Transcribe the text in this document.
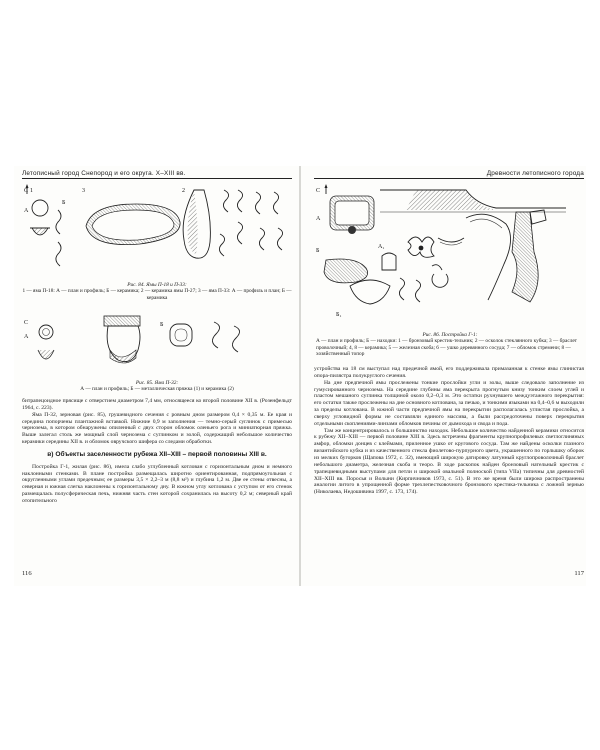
Летописный город Снепород и его округа. X–XIII вв.
С 1
А
Б
3	2
Рис. 84. Ямы П-18 и П-33:
1 — яма П-18: А — план и профиль; Б — керамика; 2 — керамика ямы П-27; 3 — яма П-33: А — профиль и план; Б — керамика
С
А
Б
Рис. 85. Яма П-32:
А — план и профиль; Б — металлическая пряжка (1) и керамика (2)

битрапецоидное прясище с отверстием диаметром 7,4 мм, относящееся ко второй половине XII в. (Розенфельдт 1964, с. 223).

Яма П-32, зерновая (рис. 85), грушевидного сечения с ровным дном размером 0,4 × 0,35 м. Ее края и середина попорчены плантажной вставкой. Нижние 0,9 м заполнения — темно-серый суглинок с примесью чернозема, в котором обнаружены опиленный с двух сторон обломок оленьего рога и миниатюрная пряжка. Выше залегал столь же мощный слой чернозема с суглинком и золой, содержащий небольшое количество керамики середины XII в. и обломок овручского шифера со следами обработки.

в) Объекты заселенности рубежа XII–XIII – первой половины XIII в.

Постройка Г-1, жилая (рис. 86), имела слабо углубленный котлован с горизонтальным дном и немного наклонными стенками. В плане постройка размещалась широтно ориентированная, подпрямоугольная с округленными углами предечным; ее размеры 3,5 × 2,2–3 м (8,8 м²) и глубина 1,2 м. Две ее стены отвесны, а северная и южная слегка наклонены к горизонтальному дну. В южном углу котлована с уступом от его стенок размещалась полусферическая печь, нижняя часть стен которой сохранилась на высоту 0,2 м; северный край отопительного

116
Древности летописного города
С
А
А₁
Б
Б₁
Рис. 86. Постройка Г-1:
А — план и профиль; Б — находки: 1 — бронзовый крестик-тельник; 2 — осколок стеклянного кубка; 3 — браслет проволочный; 4, 8 — керамика; 5 — железная скоба; 6 — ушко деревянного сосуда; 7 — обломок стремени; 8 — хозяйственный топор

устройства на 18 см выступал над предечной ямой, его поддерживала примазанная к стенке ямы глинистая опора-пилястра полукруглого сечения.

На дне предпечной ямы прослежены тонкие прослойки угли и золы, выше следовало заполнение из гумусированного чернозема. На середине глубины яма перекрыта прогнутым книзу тонким слоем углей и пластом мешаного суглинка толщиной около 0,2–0,3 м. Это остатки рухнувшего междуэтажного перекрытия: его остатки также прослежены на дне основного котлована, за печью, и тонкими языками на 0,4–0,6 м выходили за пределы котлована. В южной части предпечной ямы на перекрытии располагалась углистая прослойка, а сверху угловидной формы не составляли единого массива, а были рассредоточены поверх перекрытия отдельными скоплениями-линзами обломков печины от дымохода и свода и пода.

Там же концентрировалось и большинство находок. Небольшое количество найденной керамики относится к рубежу XII–XIII — первой половине XIII в. Здесь встречены фрагменты крупнопрофилевых светлоглиняных амфор, обломки донцев с клеймами, приленное ушко от кругового сосуда. Там же найдены осколки глазного византийского кубка и из качественного стекла фиолетово-пурпурного цвета, украшенного по горлышку оборок из мелких бугорков (Щапова 1972, с. 32), имеющий широкую датировку латунный круглопроволочный браслет небольшого диаметра, железная скоба и теоро. В ходе раскопок найден бронзовый нательный крестик с трапециевидными выступами для петли и широкой овальной полноской (типа VIIа) типичны для древностей XII–XIII вв. Поросья и Волыни (Кирпичников 1973, с. 51). В это же время были широко распространены аналогии литого в упрощенной форме трехлепестковочного бронзового крестика-тельника с ложной зернью (Николаева, Недошивина 1997, с. 173, 174).

117
